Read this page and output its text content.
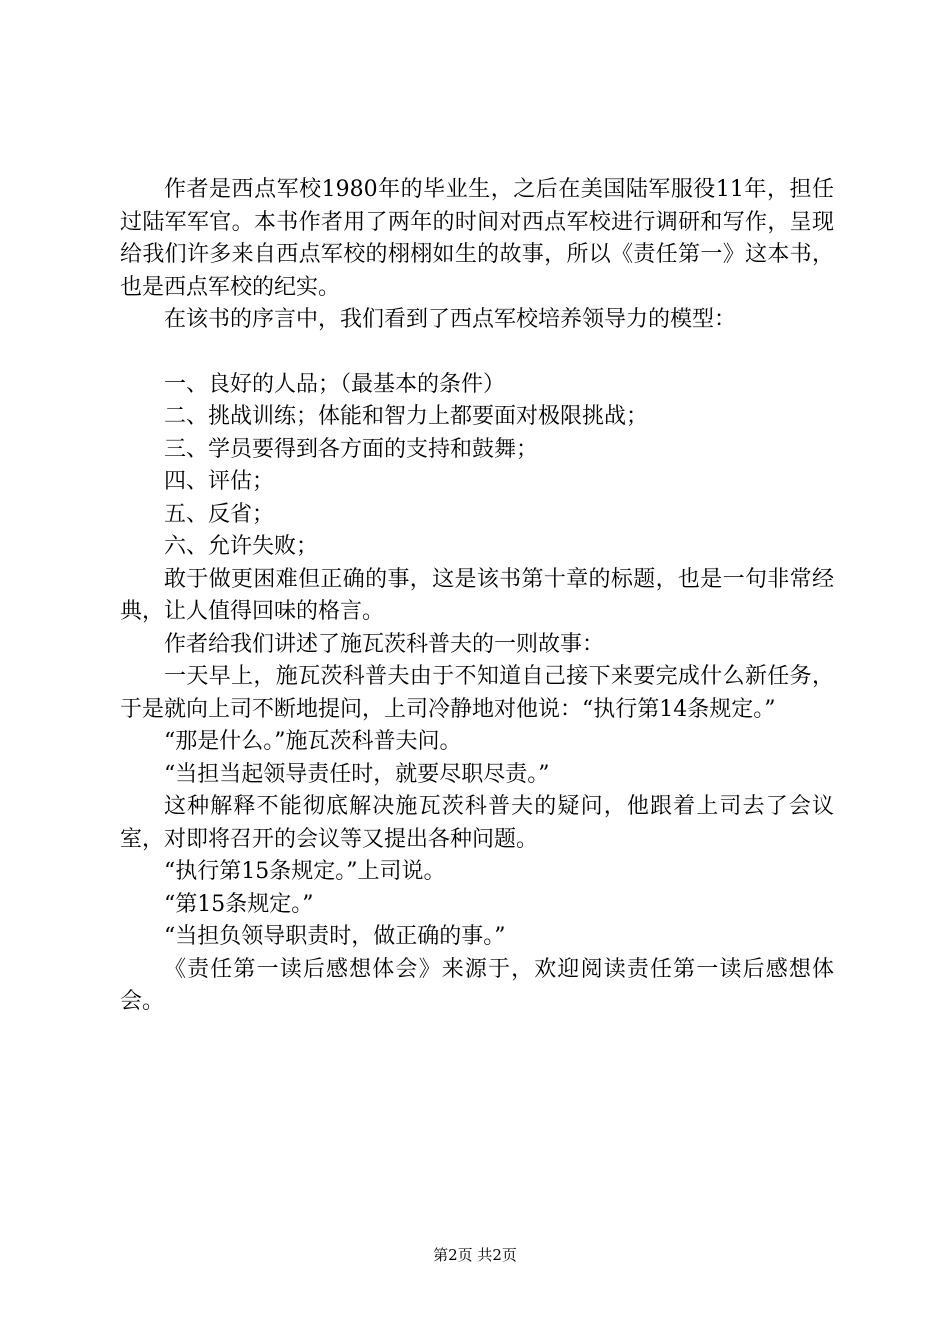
作者是西点军校1980年的毕业生，之后在美国陆军服役11年，担任过陆军军官。本书作者用了两年的时间对西点军校进行调研和写作，呈现给我们许多来自西点军校的栩栩如生的故事，所以《责任第一》这本书，也是西点军校的纪实。

在该书的序言中，我们看到了西点军校培养领导力的模型：

一、良好的人品；（最基本的条件）

二、挑战训练；体能和智力上都要面对极限挑战；

三、学员要得到各方面的支持和鼓舞；

四、评估；

五、反省；

六、允许失败；

敢于做更困难但正确的事，这是该书第十章的标题，也是一句非常经典，让人值得回味的格言。

作者给我们讲述了施瓦茨科普夫的一则故事：

一天早上，施瓦茨科普夫由于不知道自己接下来要完成什么新任务，于是就向上司不断地提问，上司冷静地对他说：“执行第14条规定。”

“那是什么。”施瓦茨科普夫问。

“当担当起领导责任时，就要尽职尽责。”

这种解释不能彻底解决施瓦茨科普夫的疑问，他跟着上司去了会议室，对即将召开的会议等又提出各种问题。

“执行第15条规定。”上司说。

“第15条规定。”

“当担负领导职责时，做正确的事。”

《责任第一读后感想体会》来源于，欢迎阅读责任第一读后感想体会。

第2页 共2页
